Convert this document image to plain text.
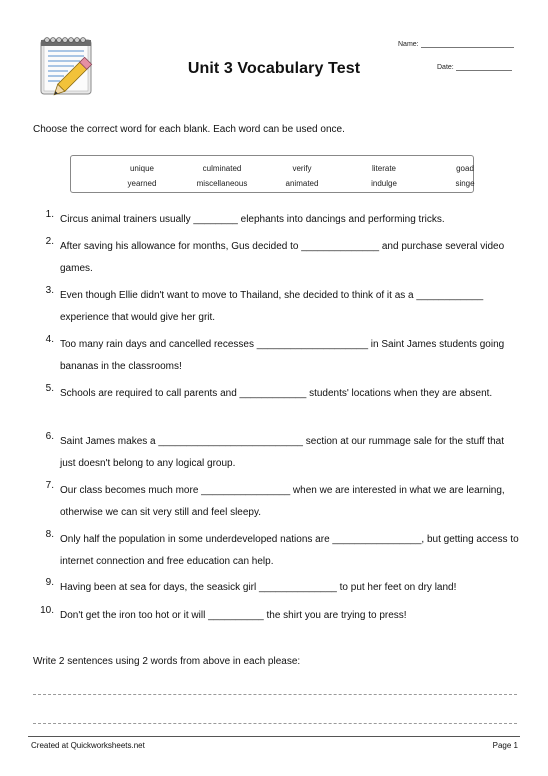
Unit 3 Vocabulary Test
Name:
Date:
Choose the correct word for each blank. Each word can be used once.
unique	culminated	verify	literate	goad
yearned	miscellaneous	animated	indulge	singe
1. Circus animal trainers usually ________ elephants into dancings and performing tricks.
2. After saving his allowance for months, Gus decided to ______________ and purchase several video games.
3. Even though Ellie didn't want to move to Thailand, she decided to think of it as a ____________ experience that would give her grit.
4. Too many rain days and cancelled recesses ____________________ in Saint James students going bananas in the classrooms!
5. Schools are required to call parents and ____________ students' locations when they are absent.
6. Saint James makes a __________________________ section at our rummage sale for the stuff that just doesn't belong to any logical group.
7. Our class becomes much more ________________ when we are interested in what we are learning, otherwise we can sit very still and feel sleepy.
8. Only half the population in some underdeveloped nations are ________________, but getting access to internet connection and free education can help.
9. Having been at sea for days, the seasick girl ______________ to put her feet on dry land!
10. Don't get the iron too hot or it will __________ the shirt you are trying to press!
Write 2 sentences using 2 words from above in each please:
Created at Quickworksheets.net	Page 1
